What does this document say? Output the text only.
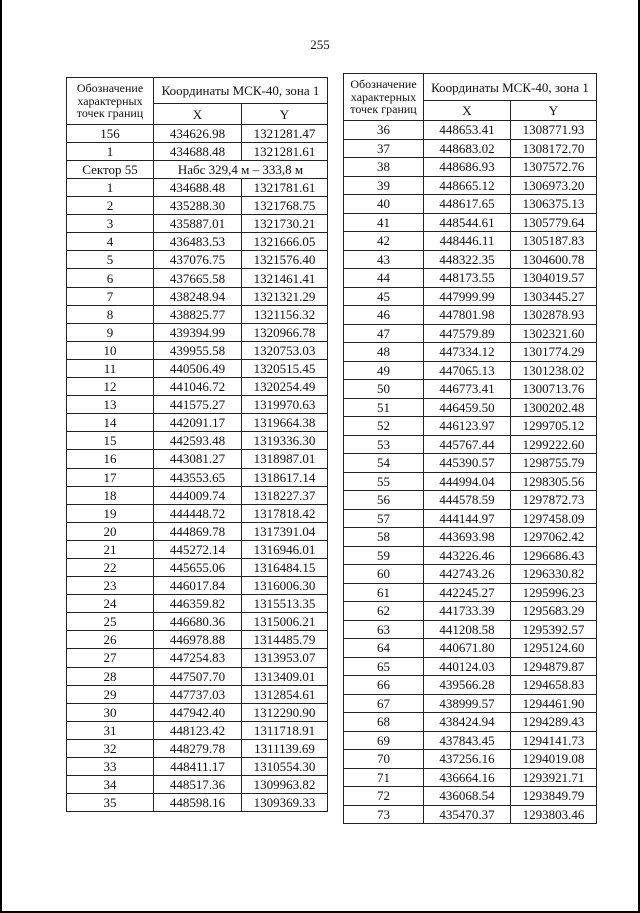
255
Обозначение характерных точек границ	Координаты МСК-40, зона 1	
	X	Y
156	434626.98	1321281.47
1	434688.48	1321281.61
Сектор 55	Набс 329,4 м – 333,8 м	
1	434688.48	1321781.61
2	435288.30	1321768.75
3	435887.01	1321730.21
4	436483.53	1321666.05
5	437076.75	1321576.40
6	437665.58	1321461.41
7	438248.94	1321321.29
8	438825.77	1321156.32
9	439394.99	1320966.78
10	439955.58	1320753.03
11	440506.49	1320515.45
12	441046.72	1320254.49
13	441575.27	1319970.63
14	442091.17	1319664.38
15	442593.48	1319336.30
16	443081.27	1318987.01
17	443553.65	1318617.14
18	444009.74	1318227.37
19	444448.72	1317818.42
20	444869.78	1317391.04
21	445272.14	1316946.01
22	445655.06	1316484.15
23	446017.84	1316006.30
24	446359.82	1315513.35
25	446680.36	1315006.21
26	446978.88	1314485.79
27	447254.83	1313953.07
28	447507.70	1313409.01
29	447737.03	1312854.61
30	447942.40	1312290.90
31	448123.42	1311718.91
32	448279.78	1311139.69
33	448411.17	1310554.30
34	448517.36	1309963.82
35	448598.16	1309369.33
Обозначение характерных точек границ	Координаты МСК-40, зона 1	
	X	Y
36	448653.41	1308771.93
37	448683.02	1308172.70
38	448686.93	1307572.76
39	448665.12	1306973.20
40	448617.65	1306375.13
41	448544.61	1305779.64
42	448446.11	1305187.83
43	448322.35	1304600.78
44	448173.55	1304019.57
45	447999.99	1303445.27
46	447801.98	1302878.93
47	447579.89	1302321.60
48	447334.12	1301774.29
49	447065.13	1301238.02
50	446773.41	1300713.76
51	446459.50	1300202.48
52	446123.97	1299705.12
53	445767.44	1299222.60
54	445390.57	1298755.79
55	444994.04	1298305.56
56	444578.59	1297872.73
57	444144.97	1297458.09
58	443693.98	1297062.42
59	443226.46	1296686.43
60	442743.26	1296330.82
61	442245.27	1295996.23
62	441733.39	1295683.29
63	441208.58	1295392.57
64	440671.80	1295124.60
65	440124.03	1294879.87
66	439566.28	1294658.83
67	438999.57	1294461.90
68	438424.94	1294289.43
69	437843.45	1294141.73
70	437256.16	1294019.08
71	436664.16	1293921.71
72	436068.54	1293849.79
73	435470.37	1293803.46
